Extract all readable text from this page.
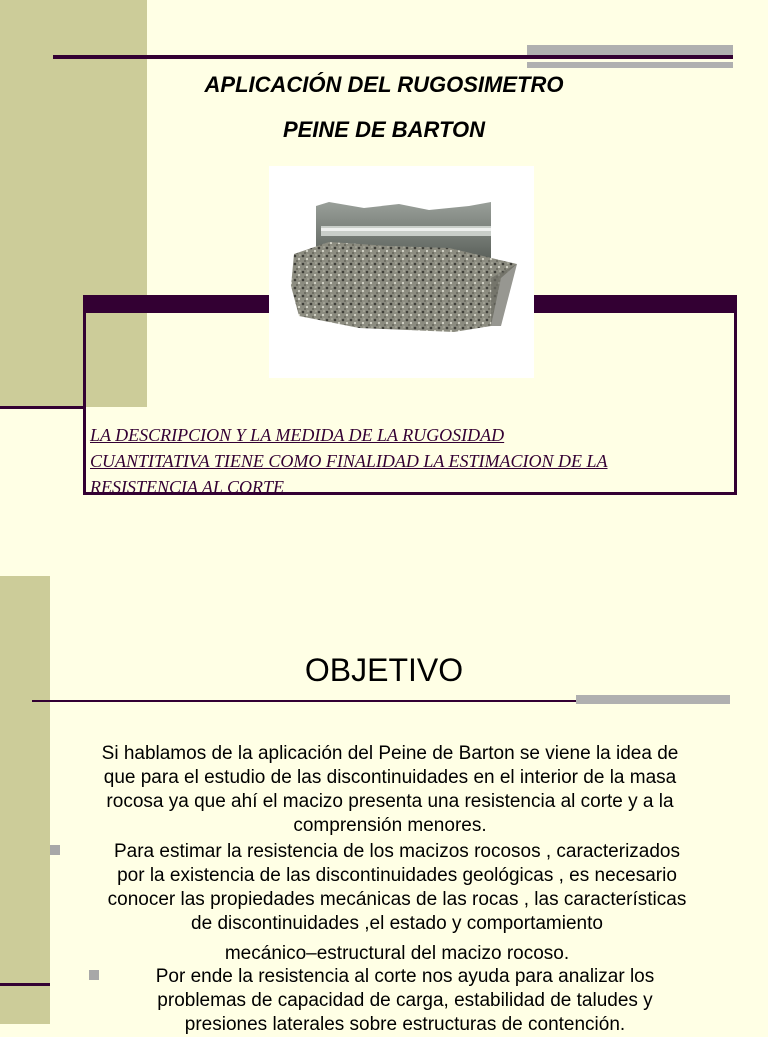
APLICACIÓN DEL RUGOSIMETRO
PEINE DE BARTON
LA DESCRIPCION Y LA MEDIDA DE LA RUGOSIDAD
CUANTITATIVA TIENE COMO FINALIDAD LA ESTIMACION DE LA
RESISTENCIA AL CORTE
OBJETIVO
Si hablamos de la aplicación del Peine de Barton se viene la idea de
que para el estudio de las discontinuidades en el interior de la masa
rocosa ya que ahí el macizo presenta una resistencia al corte y a la
comprensión menores.
Para estimar la resistencia de los macizos rocosos , caracterizados
por la existencia de las discontinuidades geológicas , es necesario
conocer las propiedades mecánicas de las rocas , las características
de discontinuidades ,el estado y comportamiento
mecánico–estructural del macizo rocoso.
Por ende la resistencia al corte nos ayuda para analizar los
problemas de capacidad de carga, estabilidad de taludes y
presiones laterales sobre estructuras de contención.
